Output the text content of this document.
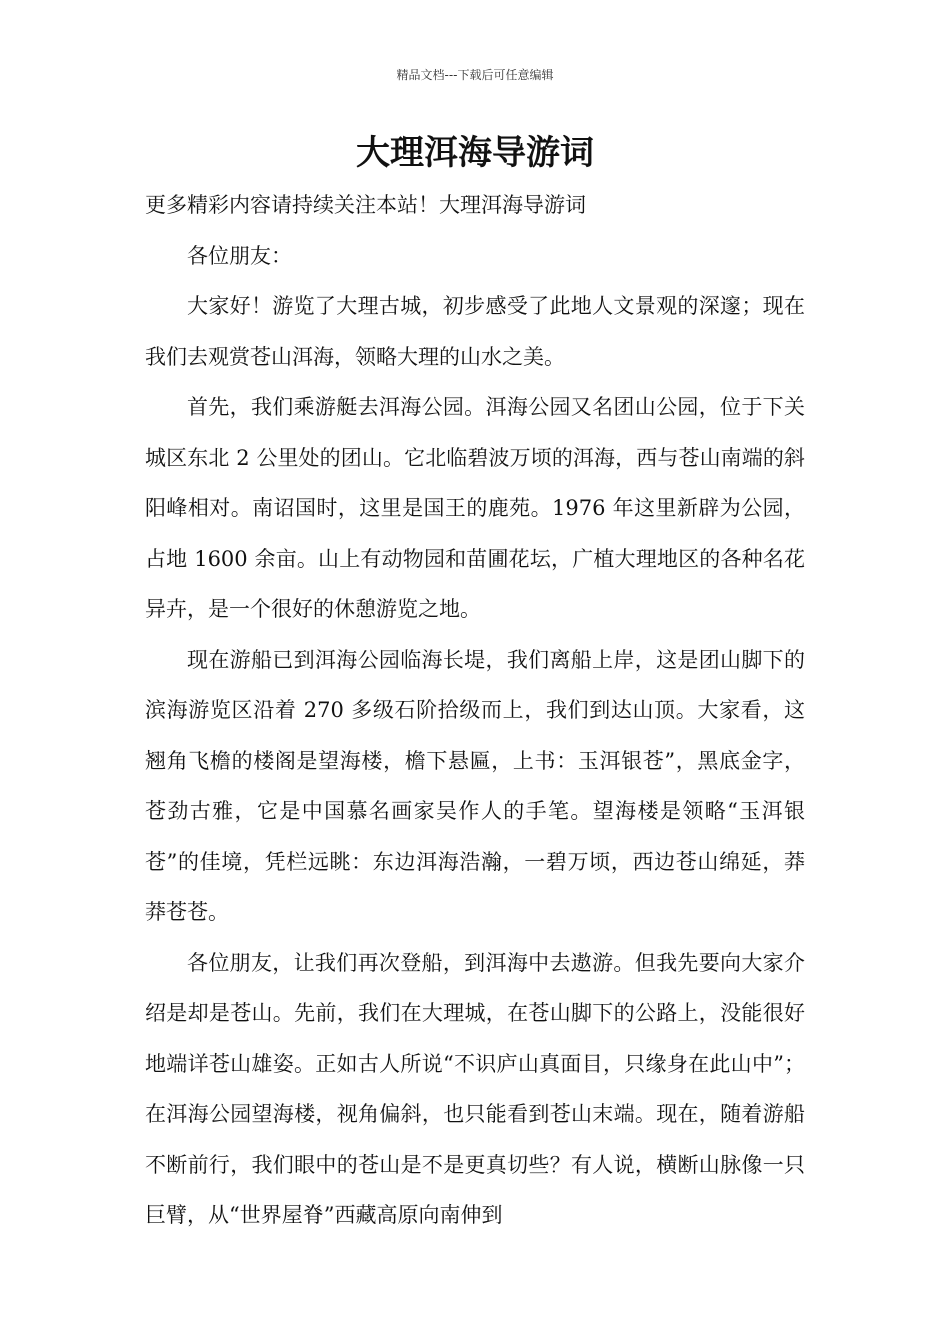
精品文档---下载后可任意编辑
大理洱海导游词

更多精彩内容请持续关注本站！大理洱海导游词

各位朋友：

大家好！游览了大理古城，初步感受了此地人文景观的深邃；现在我们去观赏苍山洱海，领略大理的山水之美。

首先，我们乘游艇去洱海公园。洱海公园又名团山公园，位于下关城区东北 2 公里处的团山。它北临碧波万顷的洱海，西与苍山南端的斜阳峰相对。南诏国时，这里是国王的鹿苑。1976 年这里新辟为公园，占地 1600 余亩。山上有动物园和苗圃花坛，广植大理地区的各种名花异卉，是一个很好的休憩游览之地。

现在游船已到洱海公园临海长堤，我们离船上岸，这是团山脚下的滨海游览区沿着 270 多级石阶拾级而上，我们到达山顶。大家看，这翘角飞檐的楼阁是望海楼，檐下悬匾，上书：玉洱银苍”，黑底金字，苍劲古雅，它是中国慕名画家吴作人的手笔。望海楼是领略“玉洱银苍”的佳境，凭栏远眺：东边洱海浩瀚，一碧万顷，西边苍山绵延，莽莽苍苍。

各位朋友，让我们再次登船，到洱海中去遨游。但我先要向大家介绍是却是苍山。先前，我们在大理城，在苍山脚下的公路上，没能很好地端详苍山雄姿。正如古人所说“不识庐山真面目，只缘身在此山中”；在洱海公园望海楼，视角偏斜，也只能看到苍山末端。现在，随着游船不断前行，我们眼中的苍山是不是更真切些？有人说，横断山脉像一只巨臂，从“世界屋脊”西藏高原向南伸到
